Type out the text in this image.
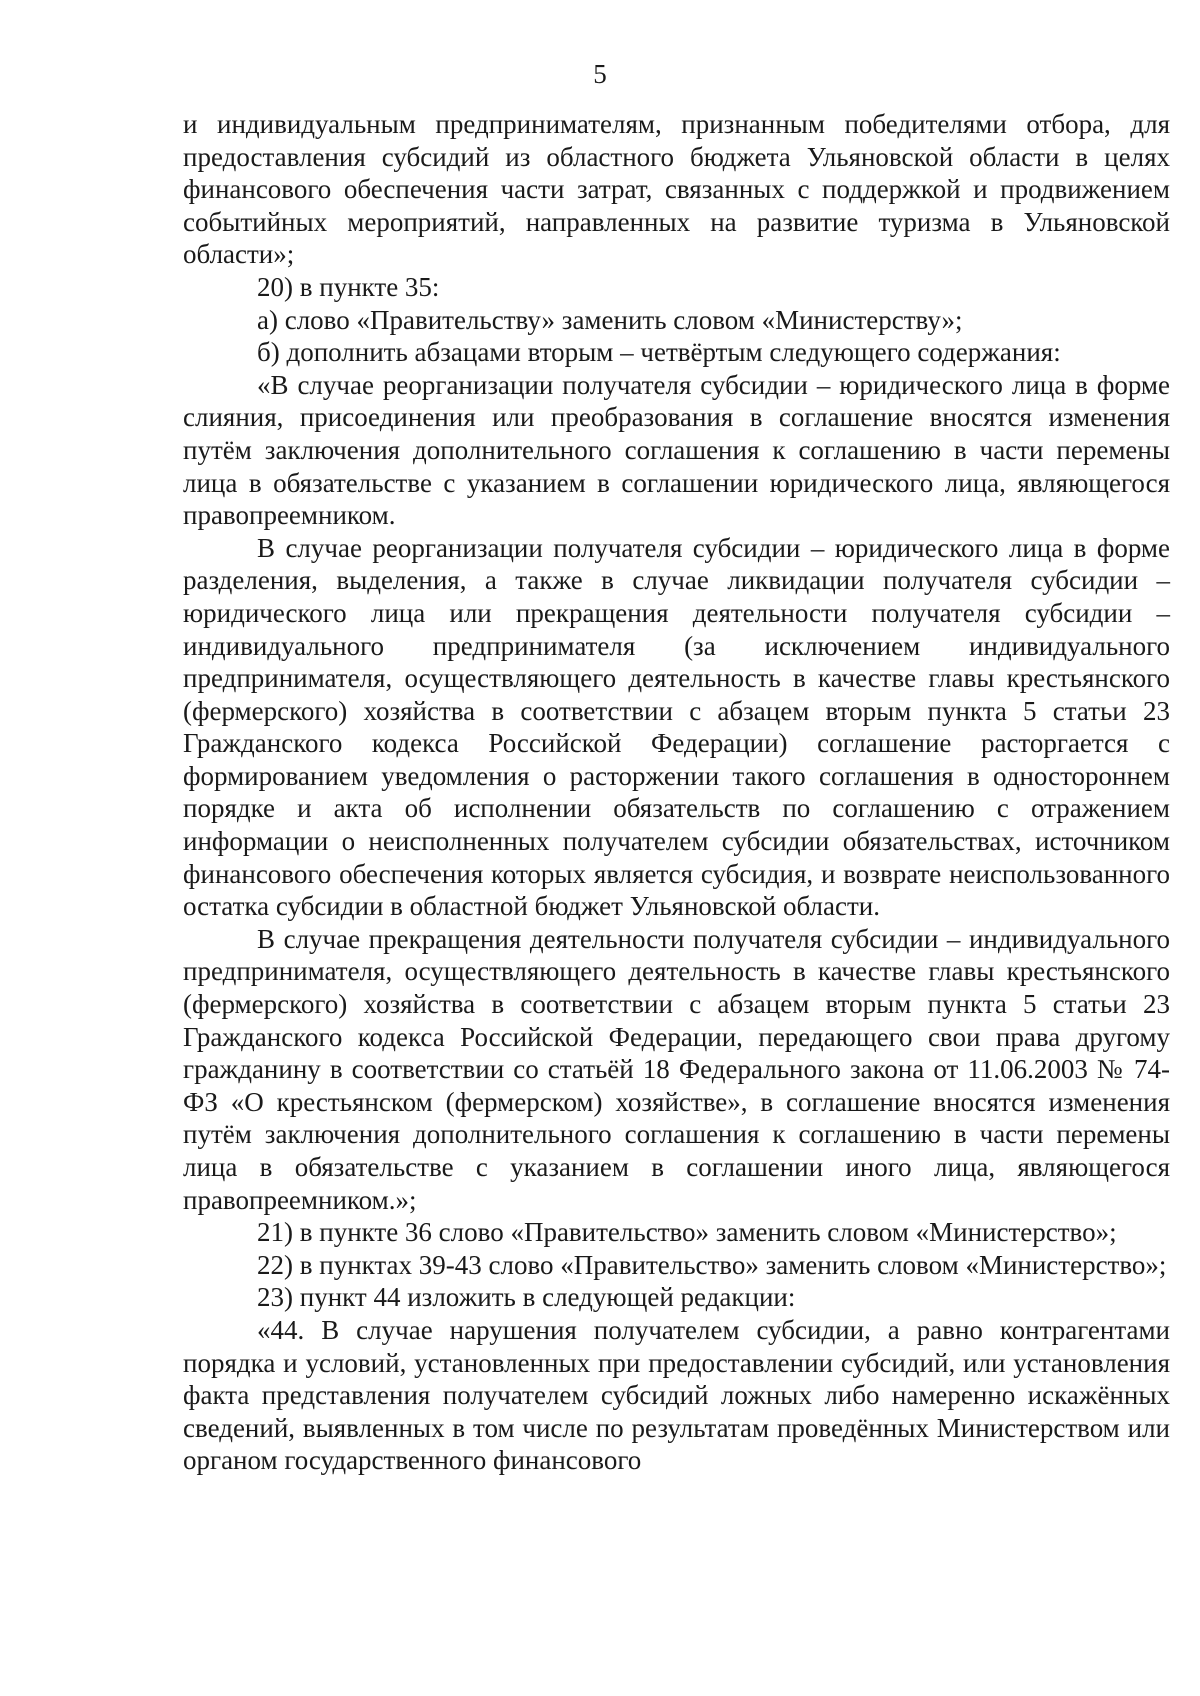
5

и индивидуальным предпринимателям, признанным победителями отбора, для предоставления субсидий из областного бюджета Ульяновской области в целях финансового обеспечения части затрат, связанных с поддержкой и продвижением событийных мероприятий, направленных на развитие туризма в Ульяновской области»;

20) в пункте 35:

а) слово «Правительству» заменить словом «Министерству»;

б) дополнить абзацами вторым – четвёртым следующего содержания:

«В случае реорганизации получателя субсидии – юридического лица в форме слияния, присоединения или преобразования в соглашение вносятся изменения путём заключения дополнительного соглашения к соглашению в части перемены лица в обязательстве с указанием в соглашении юридического лица, являющегося правопреемником.

В случае реорганизации получателя субсидии – юридического лица в форме разделения, выделения, а также в случае ликвидации получателя субсидии – юридического лица или прекращения деятельности получателя субсидии – индивидуального предпринимателя (за исключением индивидуального предпринимателя, осуществляющего деятельность в качестве главы крестьянского (фермерского) хозяйства в соответствии с абзацем вторым пункта 5 статьи 23 Гражданского кодекса Российской Федерации) соглашение расторгается с формированием уведомления о расторжении такого соглашения в одностороннем порядке и акта об исполнении обязательств по соглашению с отражением информации о неисполненных получателем субсидии обязательствах, источником финансового обеспечения которых является субсидия, и возврате неиспользованного остатка субсидии в областной бюджет Ульяновской области.

В случае прекращения деятельности получателя субсидии – индивидуального предпринимателя, осуществляющего деятельность в качестве главы крестьянского (фермерского) хозяйства в соответствии с абзацем вторым пункта 5 статьи 23 Гражданского кодекса Российской Федерации, передающего свои права другому гражданину в соответствии со статьёй 18 Федерального закона от 11.06.2003 № 74-ФЗ «О крестьянском (фермерском) хозяйстве», в соглашение вносятся изменения путём заключения дополнительного соглашения к соглашению в части перемены лица в обязательстве с указанием в соглашении иного лица, являющегося правопреемником.»;

21) в пункте 36 слово «Правительство» заменить словом «Министерство»;

22) в пунктах 39-43 слово «Правительство» заменить словом «Министерство»;

23) пункт 44 изложить в следующей редакции:

«44. В случае нарушения получателем субсидии, а равно контрагентами порядка и условий, установленных при предоставлении субсидий, или установления факта представления получателем субсидий ложных либо намеренно искажённых сведений, выявленных в том числе по результатам проведённых Министерством или органом государственного финансового
